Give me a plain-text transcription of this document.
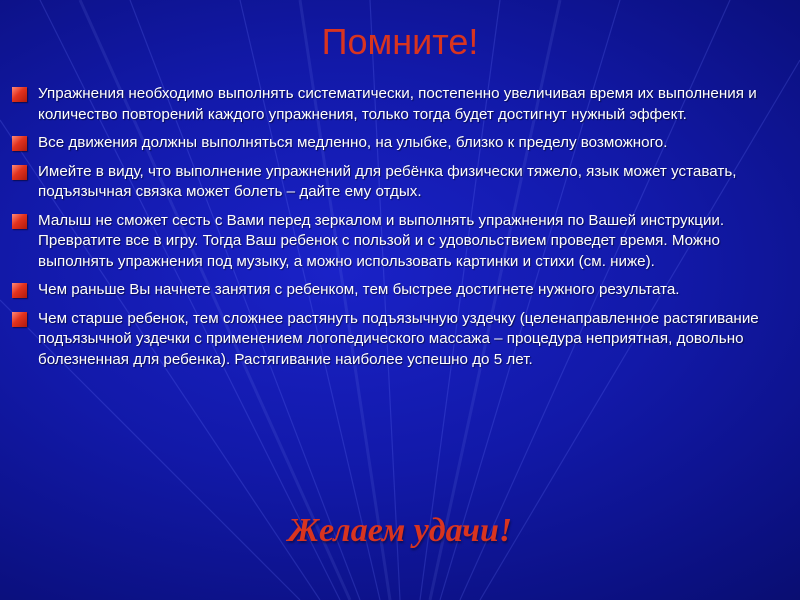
Помните!
Упражнения необходимо выполнять систематически, постепенно увеличивая время их выполнения и количество повторений каждого упражнения, только тогда будет достигнут нужный эффект.
Все движения должны выполняться медленно, на улыбке, близко к пределу возможного.
Имейте в виду, что выполнение упражнений для ребёнка физически тяжело, язык может уставать, подъязычная связка может болеть – дайте ему отдых.
Малыш не сможет сесть с Вами перед зеркалом и выполнять упражнения по Вашей инструкции. Превратите все в игру. Тогда Ваш ребенок с пользой и с удовольствием проведет время. Можно выполнять упражнения под музыку, а можно использовать картинки и стихи (см. ниже).
Чем раньше Вы начнете занятия с ребенком, тем быстрее достигнете нужного результата.
Чем старше ребенок, тем сложнее растянуть подъязычную уздечку (целенаправленное растягивание подъязычной уздечки с применением логопедического массажа – процедура неприятная, довольно болезненная для ребенка). Растягивание наиболее успешно до 5 лет.
Желаем удачи!
